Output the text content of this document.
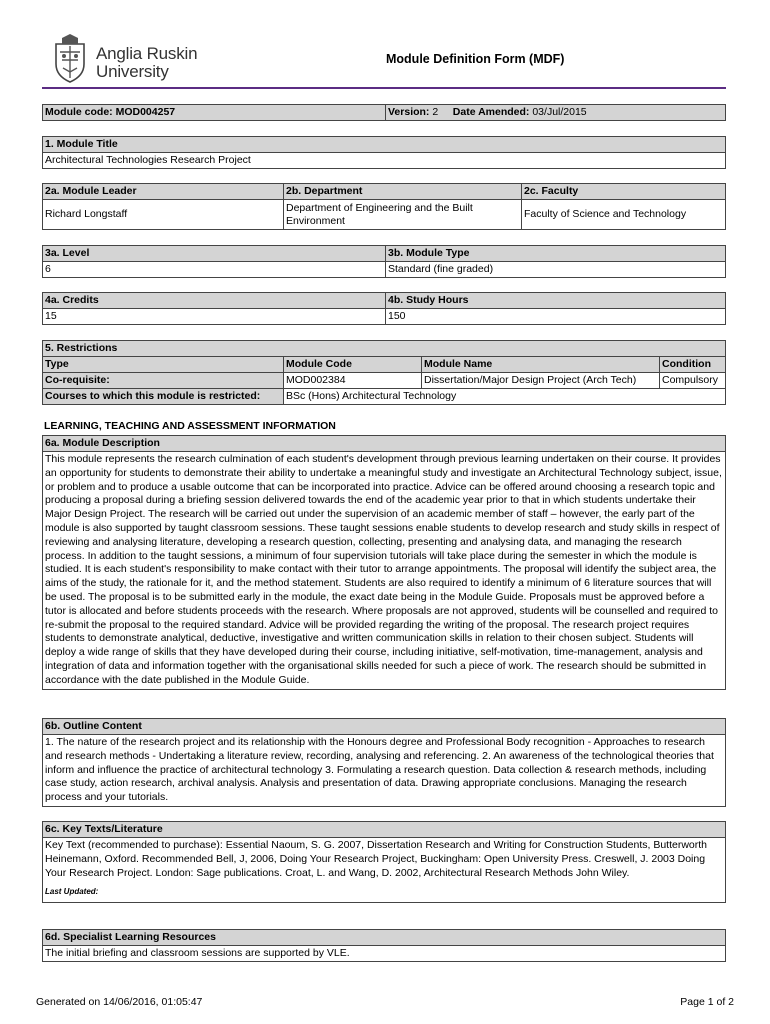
Anglia Ruskin
University
Module Definition Form (MDF)
Module code: MOD004257	Version: 2 Date Amended: 03/Jul/2015
1. Module Title
Architectural Technologies Research Project
2a. Module Leader	2b. Department	2c. Faculty
Richard Longstaff	Department of Engineering and the Built Environment	Faculty of Science and Technology
3a. Level	3b. Module Type
6	Standard (fine graded)
4a. Credits	4b. Study Hours
15	150
5. Restrictions			
Type	Module Code	Module Name	Condition
Co-requisite:	MOD002384	Dissertation/Major Design Project (Arch Tech)	Compulsory
Courses to which this module is restricted:	BSc (Hons) Architectural Technology		
LEARNING, TEACHING AND ASSESSMENT INFORMATION
6a. Module Description
This module represents the research culmination of each student's development through previous learning undertaken on their course. It provides an opportunity for students to demonstrate their ability to undertake a meaningful study and investigate an Architectural Technology subject, issue, or problem and to produce a usable outcome that can be incorporated into practice. Advice can be offered around choosing a research topic and producing a proposal during a briefing session delivered towards the end of the academic year prior to that in which students undertake their Major Design Project. The research will be carried out under the supervision of an academic member of staff – however, the early part of the module is also supported by taught classroom sessions. These taught sessions enable students to develop research and study skills in respect of reviewing and analysing literature, developing a research question, collecting, presenting and analysing data, and managing the research process. In addition to the taught sessions, a minimum of four supervision tutorials will take place during the semester in which the module is studied. It is each student's responsibility to make contact with their tutor to arrange appointments. The proposal will identify the subject area, the aims of the study, the rationale for it, and the method statement. Students are also required to identify a minimum of 6 literature sources that will be used. The proposal is to be submitted early in the module, the exact date being in the Module Guide. Proposals must be approved before a tutor is allocated and before students proceeds with the research. Where proposals are not approved, students will be counselled and required to re-submit the proposal to the required standard. Advice will be provided regarding the writing of the proposal. The research project requires students to demonstrate analytical, deductive, investigative and written communication skills in relation to their chosen subject. Students will deploy a wide range of skills that they have developed during their course, including initiative, self-motivation, time-management, analysis and integration of data and information together with the organisational skills needed for such a piece of work. The research should be submitted in accordance with the date published in the Module Guide.
6b. Outline Content
1. The nature of the research project and its relationship with the Honours degree and Professional Body recognition - Approaches to research and research methods - Undertaking a literature review, recording, analysing and referencing. 2. An awareness of the technological theories that inform and influence the practice of architectural technology 3. Formulating a research question. Data collection & research methods, including case study, action research, archival analysis. Analysis and presentation of data. Drawing appropriate conclusions. Managing the research process and your tutorials.
6c. Key Texts/Literature

Key Text (recommended to purchase): Essential Naoum, S. G. 2007, Dissertation Research and Writing for Construction Students, Butterworth Heinemann, Oxford. Recommended Bell, J, 2006, Doing Your Research Project, Buckingham: Open University Press. Creswell, J. 2003 Doing Your Research Project. London: Sage publications. Croat, L. and Wang, D. 2002, Architectural Research Methods John Wiley.
Last Updated:
6d. Specialist Learning Resources
The initial briefing and classroom sessions are supported by VLE.
Generated on 14/06/2016, 01:05:47	Page 1 of 2
